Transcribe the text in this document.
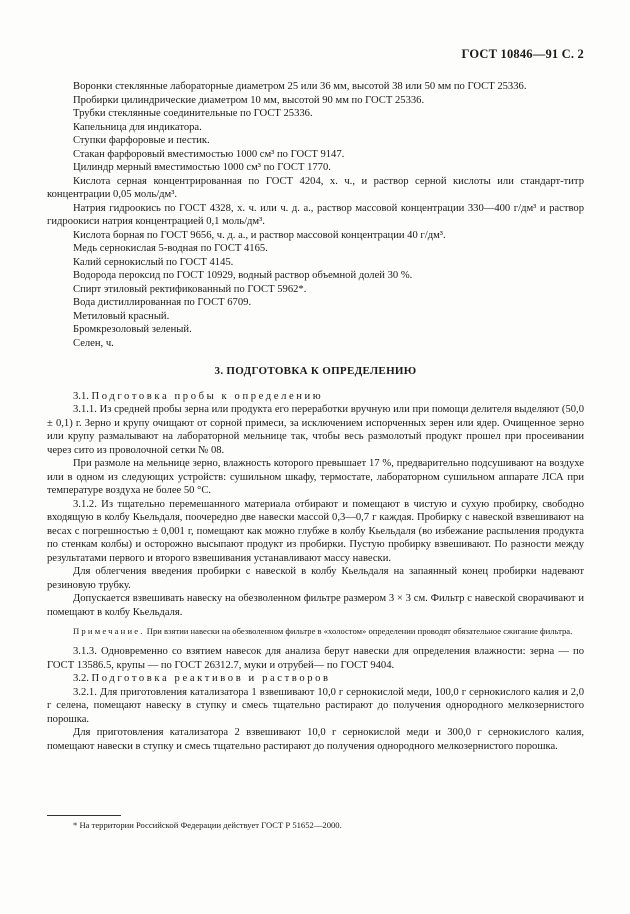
ГОСТ 10846—91 С. 2

Воронки стеклянные лабораторные диаметром 25 или 36 мм, высотой 38 или 50 мм по ГОСТ 25336.

Пробирки цилиндрические диаметром 10 мм, высотой 90 мм по ГОСТ 25336.

Трубки стеклянные соединительные по ГОСТ 25336.

Капельница для индикатора.

Ступки фарфоровые и пестик.

Стакан фарфоровый вместимостью 1000 см³ по ГОСТ 9147.

Цилиндр мерный вместимостью 1000 см³ по ГОСТ 1770.

Кислота серная концентрированная по ГОСТ 4204, х. ч., и раствор серной кислоты или стандарт-титр концентрации 0,05 моль/дм³.

Натрия гидроокись по ГОСТ 4328, х. ч. или ч. д. а., раствор массовой концентрации 330—400 г/дм³ и раствор гидроокиси натрия концентрацией 0,1 моль/дм³.

Кислота борная по ГОСТ 9656, ч. д. а., и раствор массовой концентрации 40 г/дм³.

Медь сернокислая 5-водная по ГОСТ 4165.

Калий сернокислый по ГОСТ 4145.

Водорода пероксид по ГОСТ 10929, водный раствор объемной долей 30 %.

Спирт этиловый ректификованный по ГОСТ 5962*.

Вода дистиллированная по ГОСТ 6709.

Метиловый красный.

Бромкрезоловый зеленый.

Селен, ч.

3. ПОДГОТОВКА К ОПРЕДЕЛЕНИЮ

3.1. Подготовка пробы к определению

3.1.1. Из средней пробы зерна или продукта его переработки вручную или при помощи делителя выделяют (50,0 ± 0,1) г. Зерно и крупу очищают от сорной примеси, за исключением испорченных зерен или ядер. Очищенное зерно или крупу размалывают на лабораторной мельнице так, чтобы весь размолотый продукт прошел при просеивании через сито из проволочной сетки № 08.

При размоле на мельнице зерно, влажность которого превышает 17 %, предварительно подсушивают на воздухе или в одном из следующих устройств: сушильном шкафу, термостате, лабораторном сушильном аппарате ЛСА при температуре воздуха не более 50 °С.

3.1.2. Из тщательно перемешанного материала отбирают и помещают в чистую и сухую пробирку, свободно входящую в колбу Кьельдаля, поочередно две навески массой 0,3—0,7 г каждая. Пробирку с навеской взвешивают на весах с погрешностью ± 0,001 г, помещают как можно глубже в колбу Кьельдаля (во избежание распыления продукта по стенкам колбы) и осторожно высыпают продукт из пробирки. Пустую пробирку взвешивают. По разности между результатами первого и второго взвешивания устанавливают массу навески.

Для облегчения введения пробирки с навеской в колбу Кьельдаля на запаянный конец пробирки надевают резиновую трубку.

Допускается взвешивать навеску на обезволенном фильтре размером 3 × 3 см. Фильтр с навеской сворачивают и помещают в колбу Кьельдаля.

Примечание. При взятии навески на обезволенном фильтре в «холостом» определении проводят обязательное сжигание фильтра.

3.1.3. Одновременно со взятием навесок для анализа берут навески для определения влажности: зерна — по ГОСТ 13586.5, крупы — по ГОСТ 26312.7, муки и отрубей— по ГОСТ 9404.

3.2. Подготовка реактивов и растворов

3.2.1. Для приготовления катализатора 1 взвешивают 10,0 г сернокислой меди, 100,0 г сернокислого калия и 2,0 г селена, помещают навеску в ступку и смесь тщательно растирают до получения однородного мелкозернистого порошка.

Для приготовления катализатора 2 взвешивают 10,0 г сернокислой меди и 300,0 г сернокислого калия, помещают навески в ступку и смесь тщательно растирают до получения однородного мелкозернистого порошка.

* На территории Российской Федерации действует ГОСТ Р 51652—2000.
